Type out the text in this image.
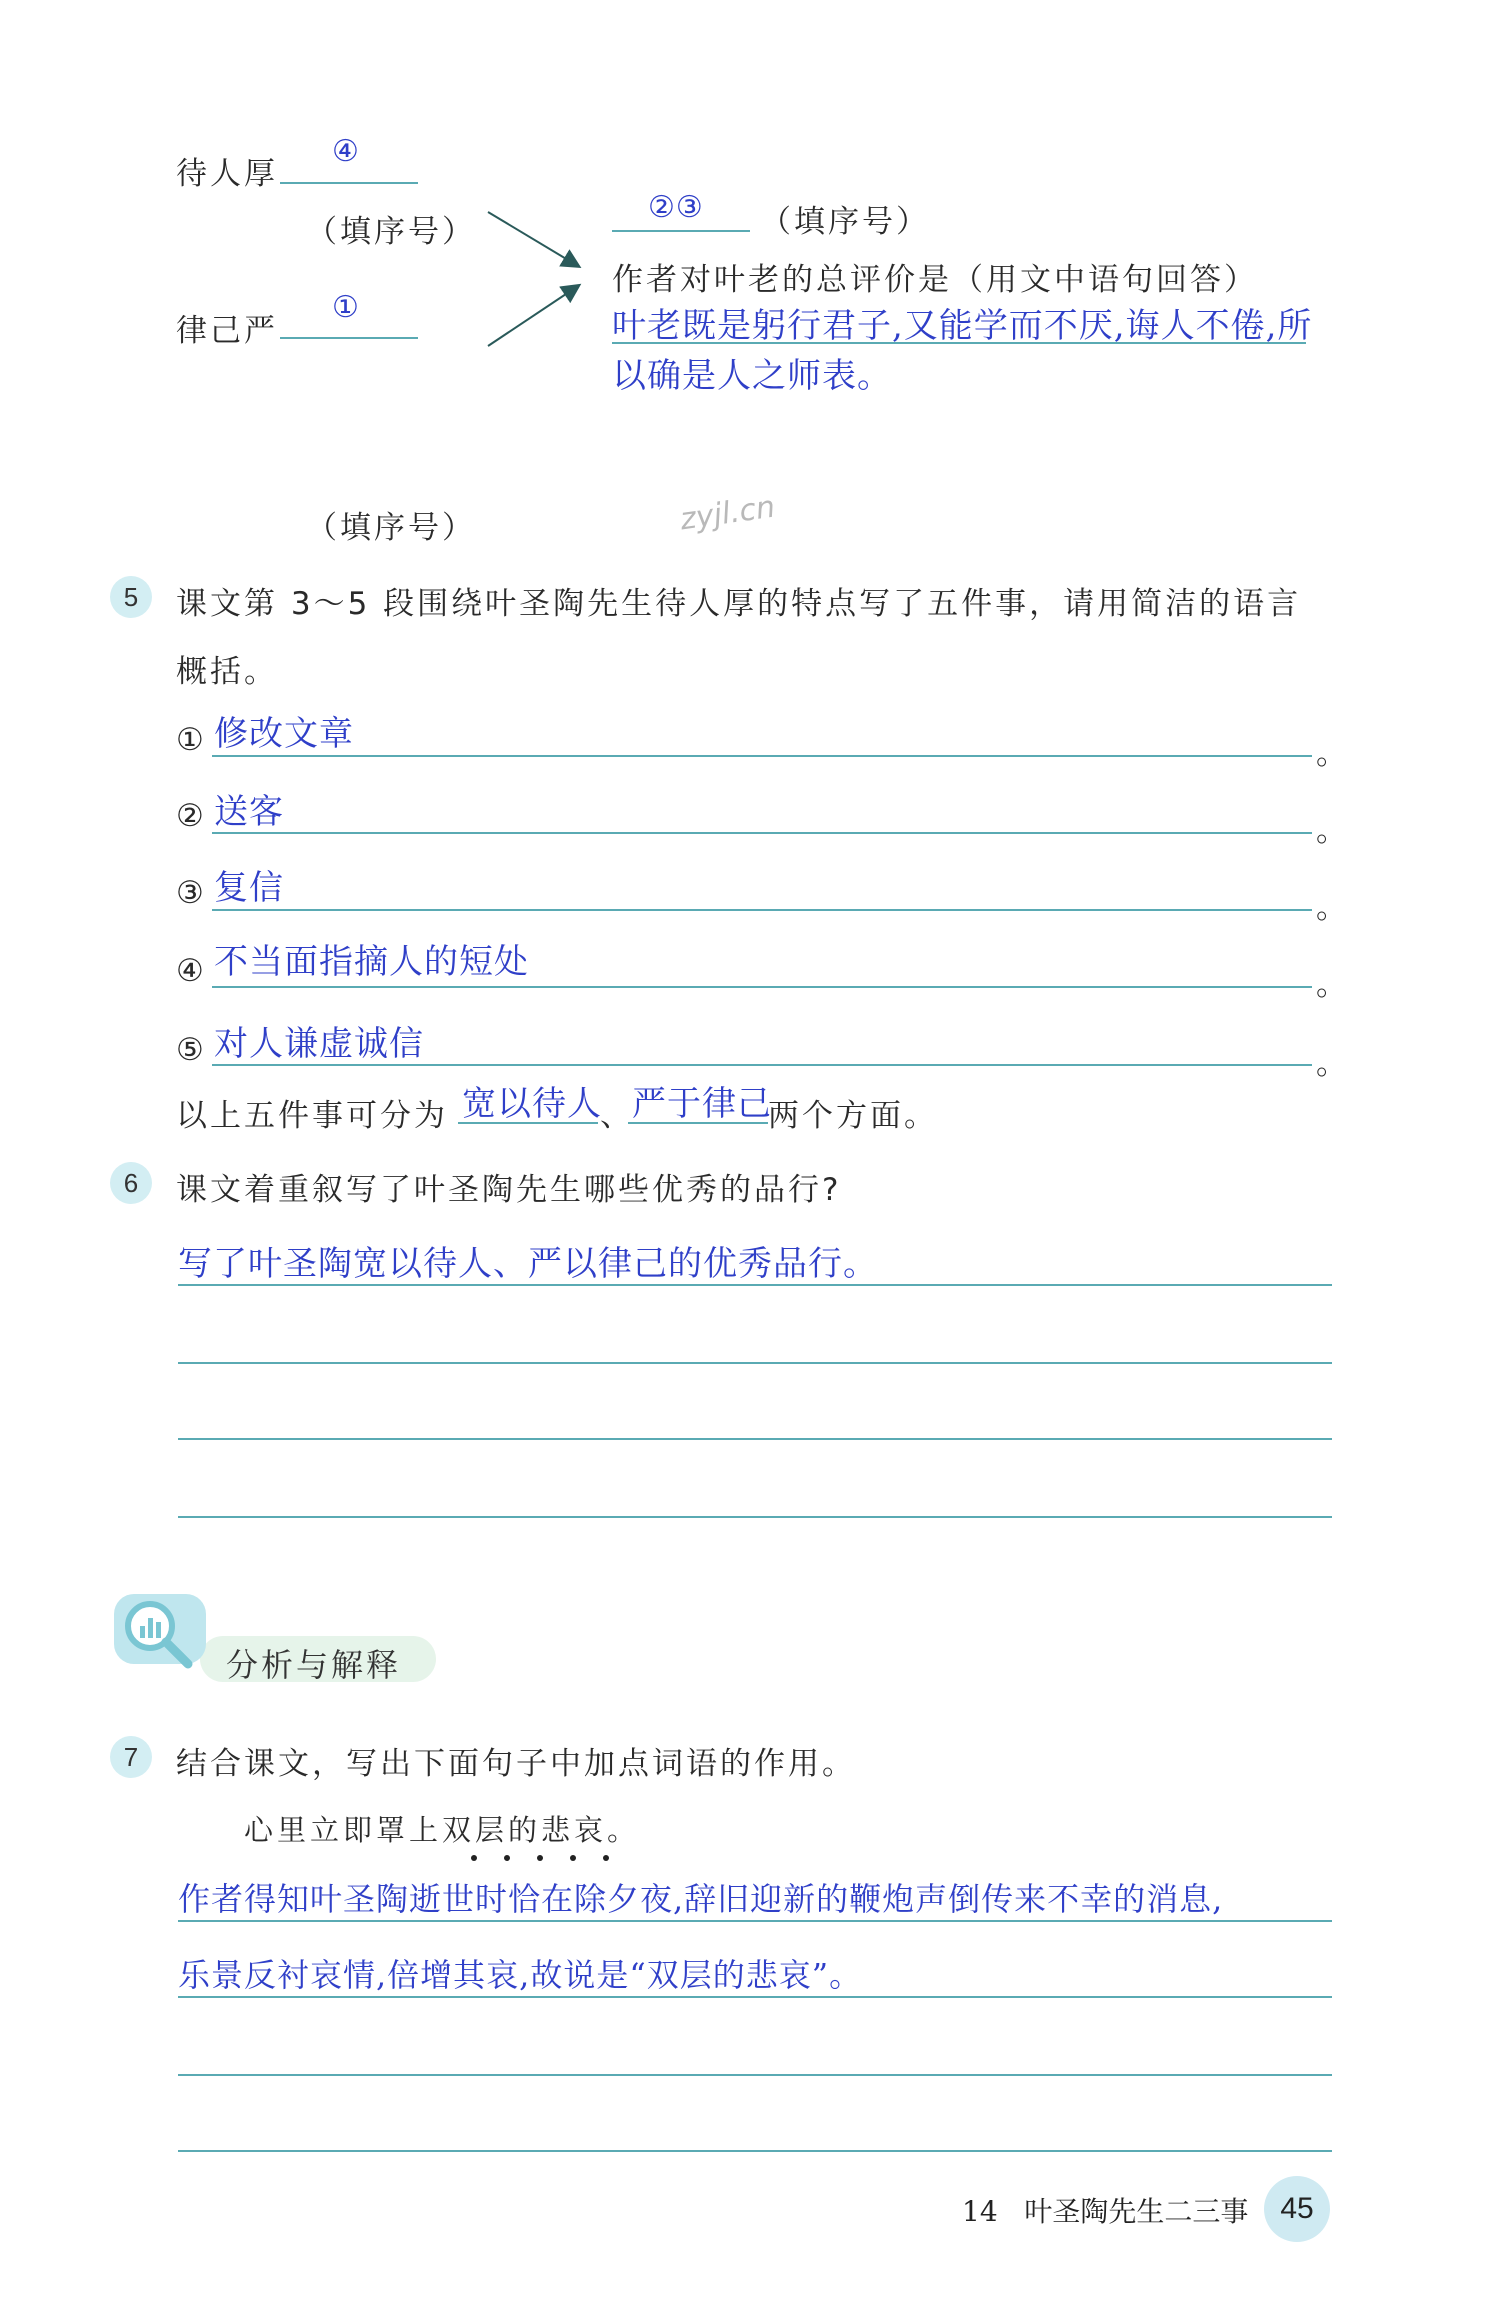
待人厚
④
（填序号）
律己严
①
②③ （填序号）
作者对叶老的总评价是（用文中语句回答）
叶老既是躬行君子,又能学而不厌,诲人不倦,所
以确是人之师表。
（填序号）	zyjl.cn
5	课文第 3～5 段围绕叶圣陶先生待人厚的特点写了五件事，请用简洁的语言
概括。
① 修改文章	。
② 送客	。
③ 复信	。
④ 不当面指摘人的短处
。
⑤ 对人谦虚诚信	。
以上五件事可分为 宽以待人
、
严于律己
两个方面。
6	课文着重叙写了叶圣陶先生哪些优秀的品行?
写了叶圣陶宽以待人、严以律己的优秀品行。
分析与解释
7	结合课文，写出下面句子中加点词语的作用。
心里立即罩上双层的悲哀。
作者得知叶圣陶逝世时恰在除夕夜,辞旧迎新的鞭炮声倒传来不幸的消息,
乐景反衬哀情,倍增其哀,故说是“双层的悲哀”。
14   叶圣陶先生二三事	45
